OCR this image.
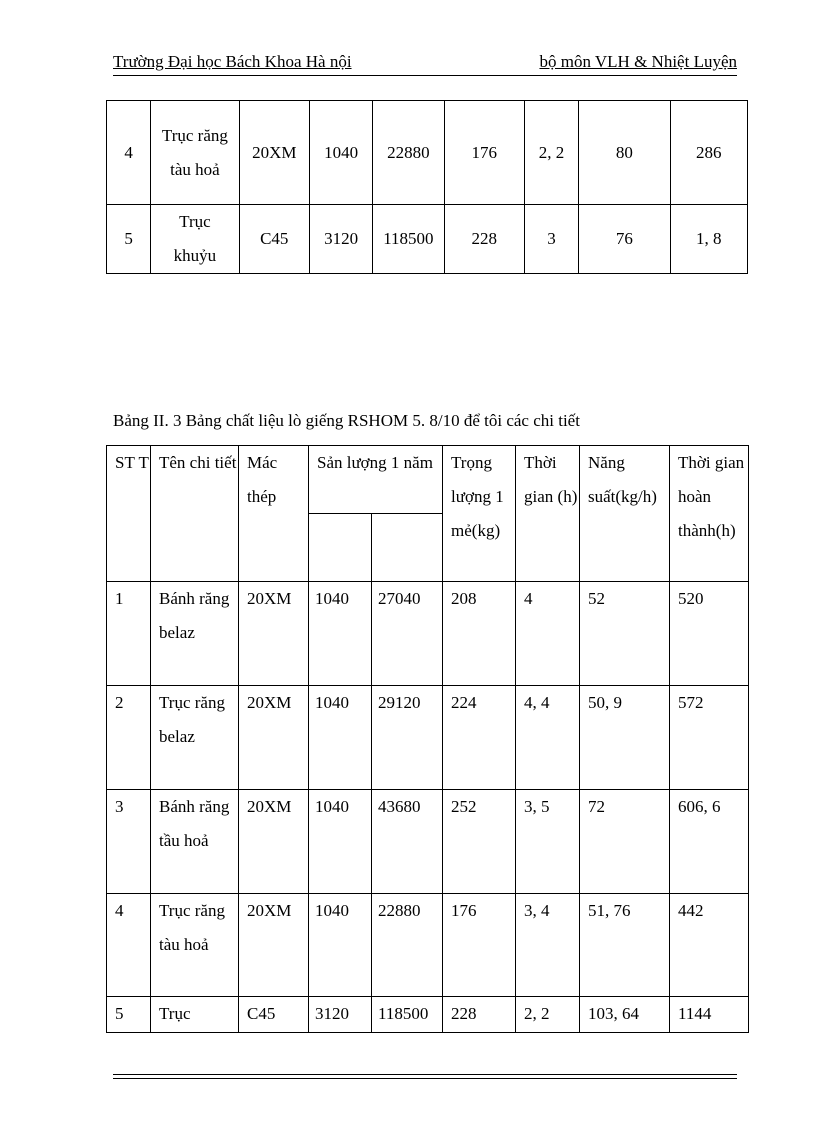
Trường Đại học Bách Khoa Hà nội	bộ môn VLH & Nhiệt Luyện
4	Trục răng tàu hoả	20XM	1040	22880	176	2, 2	80	286
5	Trục khuỷu	C45	3120	118500	228	3	76	1, 8
Bảng II. 3 Bảng chất liệu lò giếng RSHOM 5. 8/10 để tôi các chi tiết
ST T	Tên chi tiết	Mác thép	Sản lượng 1 năm		Trọng lượng 1 mẻ(kg)	Thời gian (h)	Năng suất(kg/h)	Thời gian hoàn thành(h)

1	Bánh răng belaz	20XM	1040	27040	208	4	52	520
2	Trục răng belaz	20XM	1040	29120	224	4, 4	50, 9	572
3	Bánh răng tầu hoả	20XM	1040	43680	252	3, 5	72	606, 6
4	Trục răng tàu hoả	20XM	1040	22880	176	3, 4	51, 76	442
5	Trục	C45	3120	118500	228	2, 2	103, 64	1144
